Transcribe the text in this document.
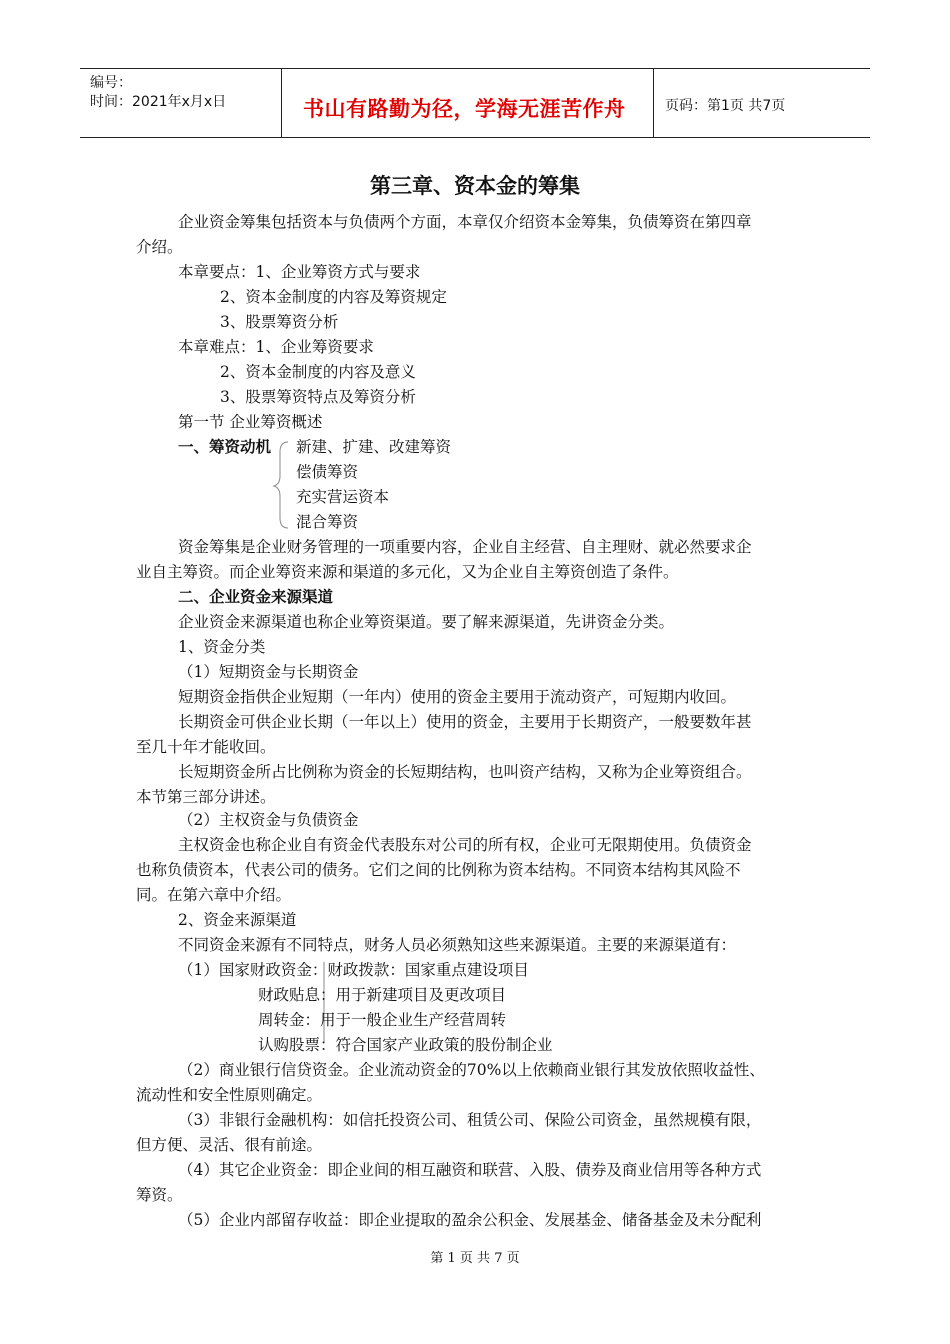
编号：
时间：2021年x月x日	书山有路勤为径，学海无涯苦作舟	页码：第1页 共7页
第三章、资本金的筹集
企业资金筹集包括资本与负债两个方面，本章仅介绍资本金筹集，负债筹资在第四章
介绍。
本章要点：1、企业筹资方式与要求
2、资本金制度的内容及筹资规定
3、股票筹资分析
本章难点：1、企业筹资要求
2、资本金制度的内容及意义
3、股票筹资特点及筹资分析
第一节 企业筹资概述
一、筹资动机 新建、扩建、改建筹资
偿债筹资
充实营运资本
混合筹资
资金筹集是企业财务管理的一项重要内容，企业自主经营、自主理财、就必然要求企
业自主筹资。而企业筹资来源和渠道的多元化，又为企业自主筹资创造了条件。
二、企业资金来源渠道
企业资金来源渠道也称企业筹资渠道。要了解来源渠道，先讲资金分类。
1、资金分类
（1）短期资金与长期资金
短期资金指供企业短期（一年内）使用的资金主要用于流动资产，可短期内收回。
长期资金可供企业长期（一年以上）使用的资金，主要用于长期资产，一般要数年甚
至几十年才能收回。
长短期资金所占比例称为资金的长短期结构，也叫资产结构，又称为企业筹资组合。
本节第三部分讲述。
（2）主权资金与负债资金
主权资金也称企业自有资金代表股东对公司的所有权，企业可无限期使用。负债资金
也称负债资本，代表公司的债务。它们之间的比例称为资本结构。不同资本结构其风险不
同。在第六章中介绍。
2、资金来源渠道
不同资金来源有不同特点，财务人员必须熟知这些来源渠道。主要的来源渠道有：
（1）国家财政资金：财政拨款：国家重点建设项目
财政贴息：用于新建项目及更改项目
周转金：用于一般企业生产经营周转
认购股票：符合国家产业政策的股份制企业
（2）商业银行信贷资金。企业流动资金的70%以上依赖商业银行其发放依照收益性、
流动性和安全性原则确定。
（3）非银行金融机构：如信托投资公司、租赁公司、保险公司资金，虽然规模有限，
但方便、灵活、很有前途。
（4）其它企业资金：即企业间的相互融资和联营、入股、债券及商业信用等各种方式
筹资。
（5）企业内部留存收益：即企业提取的盈余公积金、发展基金、储备基金及未分配利
第 1 页 共 7 页
